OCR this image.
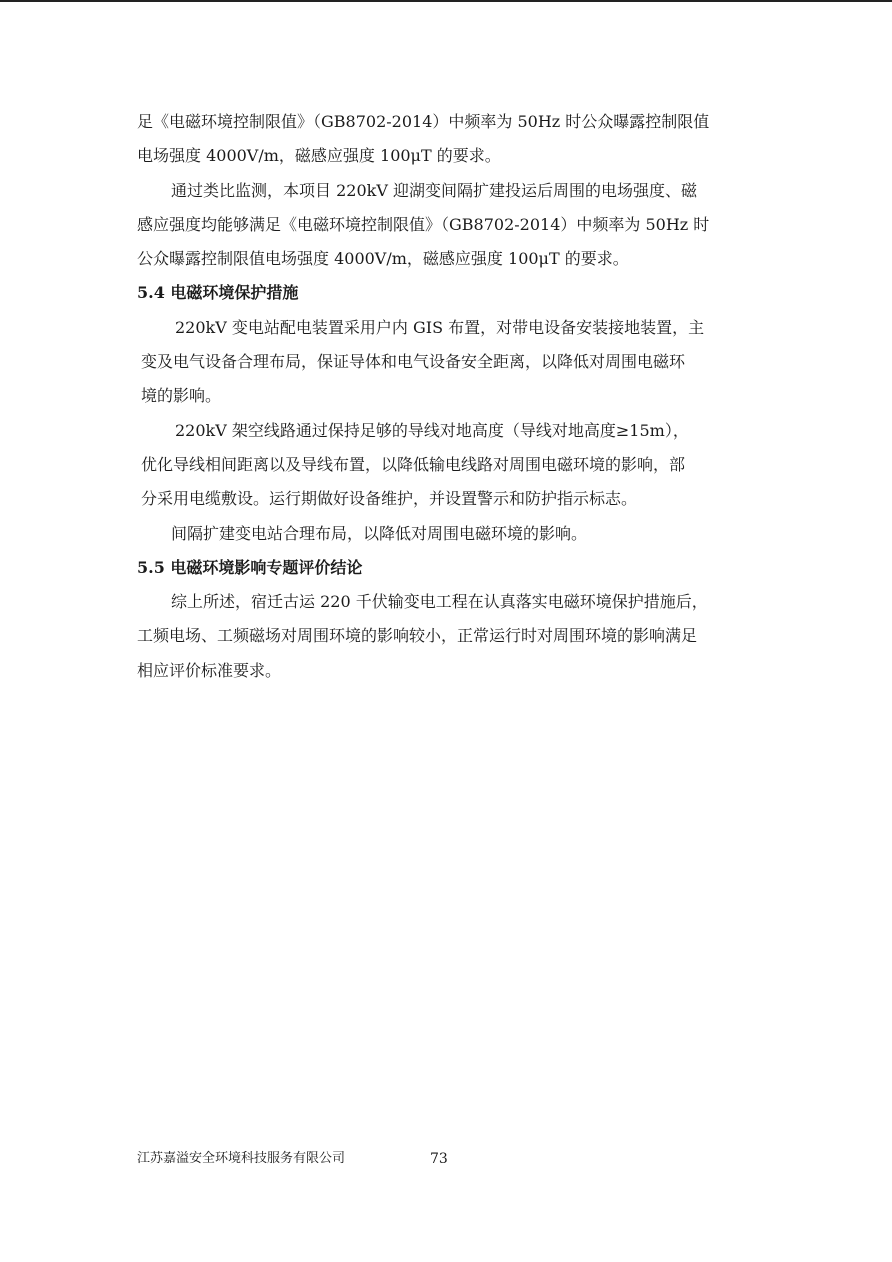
足《电磁环境控制限值》（GB8702-2014）中频率为 50Hz 时公众曝露控制限值
电场强度 4000V/m，磁感应强度 100μT 的要求。
通过类比监测，本项目 220kV 迎湖变间隔扩建投运后周围的电场强度、磁
感应强度均能够满足《电磁环境控制限值》（GB8702-2014）中频率为 50Hz 时
公众曝露控制限值电场强度 4000V/m，磁感应强度 100μT 的要求。
5.4 电磁环境保护措施
220kV 变电站配电装置采用户内 GIS 布置，对带电设备安装接地装置，主
变及电气设备合理布局，保证导体和电气设备安全距离，以降低对周围电磁环
境的影响。
220kV 架空线路通过保持足够的导线对地高度（导线对地高度≥15m），
优化导线相间距离以及导线布置，以降低输电线路对周围电磁环境的影响，部
分采用电缆敷设。运行期做好设备维护，并设置警示和防护指示标志。
间隔扩建变电站合理布局，以降低对周围电磁环境的影响。
5.5 电磁环境影响专题评价结论
综上所述，宿迁古运 220 千伏输变电工程在认真落实电磁环境保护措施后，
工频电场、工频磁场对周围环境的影响较小，正常运行时对周围环境的影响满足
相应评价标准要求。
江苏嘉溢安全环境科技服务有限公司	73
